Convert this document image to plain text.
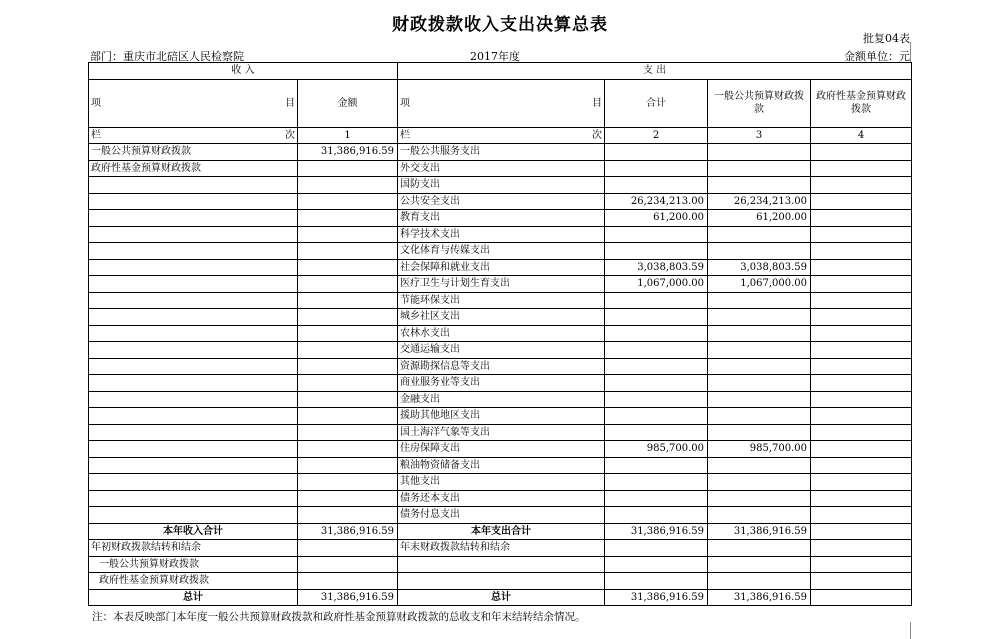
财政拨款收入支出决算总表
批复04表
部门：重庆市北碚区人民检察院	2017年度	金额单位：元
收 入		支 出			

项 目	金额	项 目	合计	一般公共预算财政拨款	政府性基金预算财政拨款

栏 次	1	栏 次	2	3	4
一般公共预算财政拨款	31,386,916.59	一般公共服务支出			
政府性基金预算财政拨款		外交支出			
		国防支出			
		公共安全支出	26,234,213.00	26,234,213.00	
		教育支出	61,200.00	61,200.00	
		科学技术支出			
		文化体育与传媒支出			
		社会保障和就业支出	3,038,803.59	3,038,803.59	
		医疗卫生与计划生育支出	1,067,000.00	1,067,000.00	
		节能环保支出			
		城乡社区支出			
		农林水支出			
		交通运输支出			
		资源勘探信息等支出			
		商业服务业等支出			
		金融支出			
		援助其他地区支出			
		国土海洋气象等支出			
		住房保障支出	985,700.00	985,700.00	
		粮油物资储备支出			
		其他支出			
		债务还本支出			
		债务付息支出			
本年收入合计	31,386,916.59	本年支出合计	31,386,916.59	31,386,916.59	
年初财政拨款结转和结余		年末财政拨款结转和结余			
一般公共预算财政拨款					
政府性基金预算财政拨款					
总计	31,386,916.59	总计	31,386,916.59	31,386,916.59	
注：本表反映部门本年度一般公共预算财政拨款和政府性基金预算财政拨款的总收支和年末结转结余情况。
